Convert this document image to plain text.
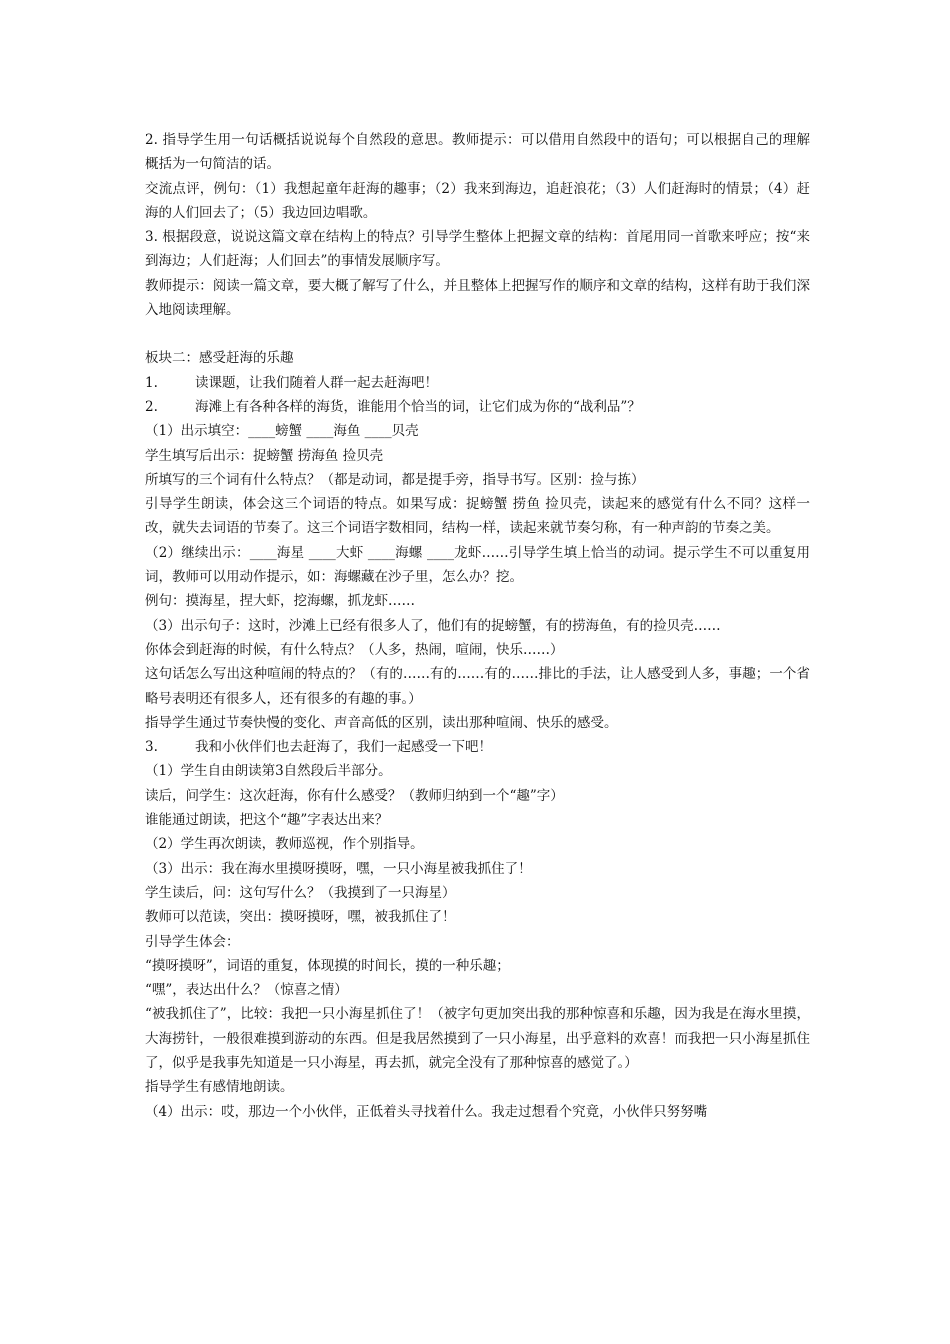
2. 指导学生用一句话概括说说每个自然段的意思。教师提示：可以借用自然段中的语句；可以根据自己的理解概括为一句简洁的话。

交流点评，例句：（1）我想起童年赶海的趣事；（2）我来到海边，追赶浪花；（3）人们赶海时的情景；（4）赶海的人们回去了；（5）我边回边唱歌。

3. 根据段意，说说这篇文章在结构上的特点？引导学生整体上把握文章的结构：首尾用同一首歌来呼应；按“来到海边；人们赶海；人们回去”的事情发展顺序写。

教师提示：阅读一篇文章，要大概了解写了什么，并且整体上把握写作的顺序和文章的结构，这样有助于我们深入地阅读理解。

板块二：感受赶海的乐趣

1.	读课题，让我们随着人群一起去赶海吧！

2.	海滩上有各种各样的海货，谁能用个恰当的词，让它们成为你的“战利品”？

（1）出示填空：____螃蟹 ____海鱼 ____贝壳

学生填写后出示：捉螃蟹 捞海鱼 捡贝壳

所填写的三个词有什么特点？（都是动词，都是提手旁，指导书写。区别：捡与拣）

引导学生朗读，体会这三个词语的特点。如果写成：捉螃蟹 捞鱼 捡贝壳，读起来的感觉有什么不同？这样一改，就失去词语的节奏了。这三个词语字数相同，结构一样，读起来就节奏匀称，有一种声韵的节奏之美。

（2）继续出示：____海星 ____大虾 ____海螺 ____龙虾……引导学生填上恰当的动词。提示学生不可以重复用词，教师可以用动作提示，如：海螺藏在沙子里，怎么办？挖。

例句：摸海星，捏大虾，挖海螺，抓龙虾……

（3）出示句子：这时，沙滩上已经有很多人了，他们有的捉螃蟹，有的捞海鱼，有的捡贝壳……

你体会到赶海的时候，有什么特点？（人多，热闹，喧闹，快乐……）

这句话怎么写出这种喧闹的特点的？（有的……有的……有的……排比的手法，让人感受到人多，事趣；一个省略号表明还有很多人，还有很多的有趣的事。）

指导学生通过节奏快慢的变化、声音高低的区别，读出那种喧闹、快乐的感受。

3.	我和小伙伴们也去赶海了，我们一起感受一下吧！

（1）学生自由朗读第3自然段后半部分。

读后，问学生：这次赶海，你有什么感受？（教师归纳到一个“趣”字）

谁能通过朗读，把这个“趣”字表达出来？

（2）学生再次朗读，教师巡视，作个别指导。

（3）出示：我在海水里摸呀摸呀，嘿，一只小海星被我抓住了！

学生读后，问：这句写什么？（我摸到了一只海星）

教师可以范读，突出：摸呀摸呀，嘿，被我抓住了！

引导学生体会：

“摸呀摸呀”，词语的重复，体现摸的时间长，摸的一种乐趣；

“嘿”，表达出什么？（惊喜之情）

“被我抓住了”，比较：我把一只小海星抓住了！（被字句更加突出我的那种惊喜和乐趣，因为我是在海水里摸，大海捞针，一般很难摸到游动的东西。但是我居然摸到了一只小海星，出乎意料的欢喜！而我把一只小海星抓住了，似乎是我事先知道是一只小海星，再去抓，就完全没有了那种惊喜的感觉了。）

指导学生有感情地朗读。

（4）出示：哎，那边一个小伙伴，正低着头寻找着什么。我走过想看个究竟，小伙伴只努努嘴
